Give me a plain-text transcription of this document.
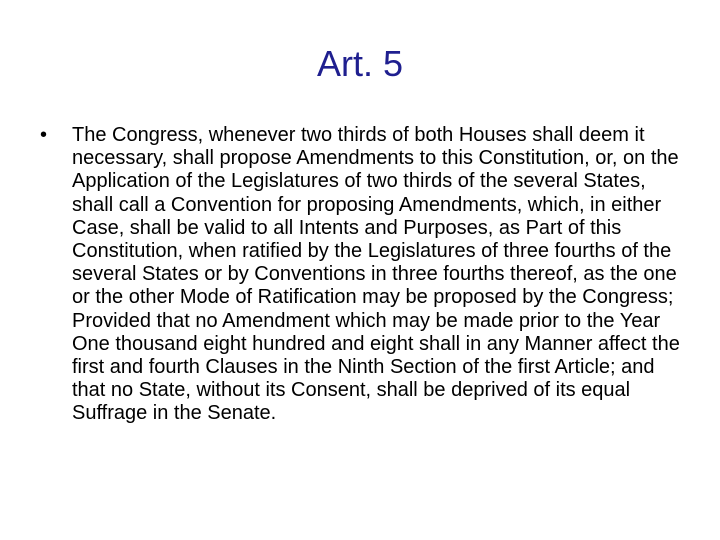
Art. 5
•	The Congress, whenever two thirds of both Houses shall deem it necessary, shall propose Amendments to this Constitution, or, on the Application of the Legislatures of two thirds of the several States, shall call a Convention for proposing Amendments, which, in either Case, shall be valid to all Intents and Purposes, as Part of this Constitution, when ratified by the Legislatures of three fourths of the several States or by Conventions in three fourths thereof, as the one or the other Mode of Ratification may be proposed by the Congress; Provided that no Amendment which may be made prior to the Year One thousand eight hundred and eight shall in any Manner affect the first and fourth Clauses in the Ninth Section of the first Article; and that no State, without its Consent, shall be deprived of its equal Suffrage in the Senate.
